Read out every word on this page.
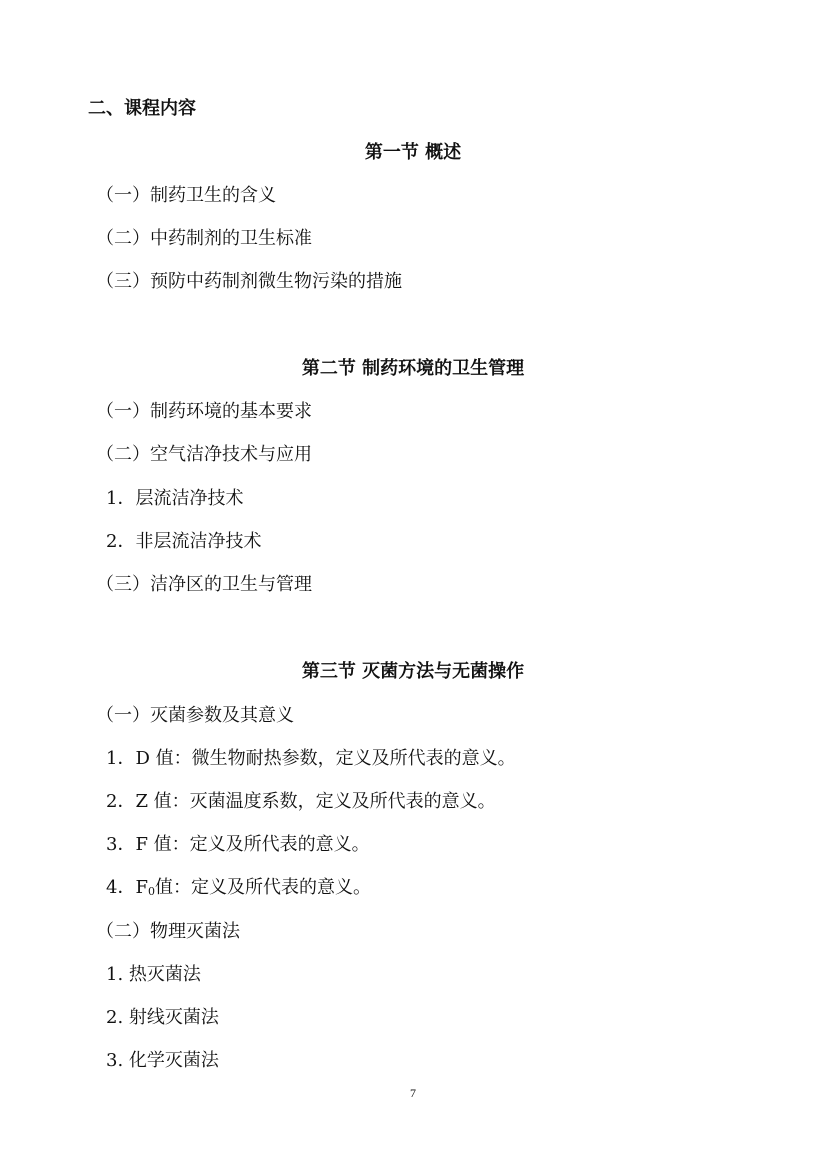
二、课程内容
第一节 概述
（一）制药卫生的含义
（二）中药制剂的卫生标准
（三）预防中药制剂微生物污染的措施
第二节 制药环境的卫生管理
（一）制药环境的基本要求
（二）空气洁净技术与应用
1．层流洁净技术
2．非层流洁净技术
（三）洁净区的卫生与管理
第三节 灭菌方法与无菌操作
（一）灭菌参数及其意义
1．D 值：微生物耐热参数，定义及所代表的意义。
2．Z 值：灭菌温度系数，定义及所代表的意义。
3．F 值：定义及所代表的意义。
4．$F_0$值：定义及所代表的意义。
（二）物理灭菌法
1. 热灭菌法
2. 射线灭菌法
3. 化学灭菌法
7
